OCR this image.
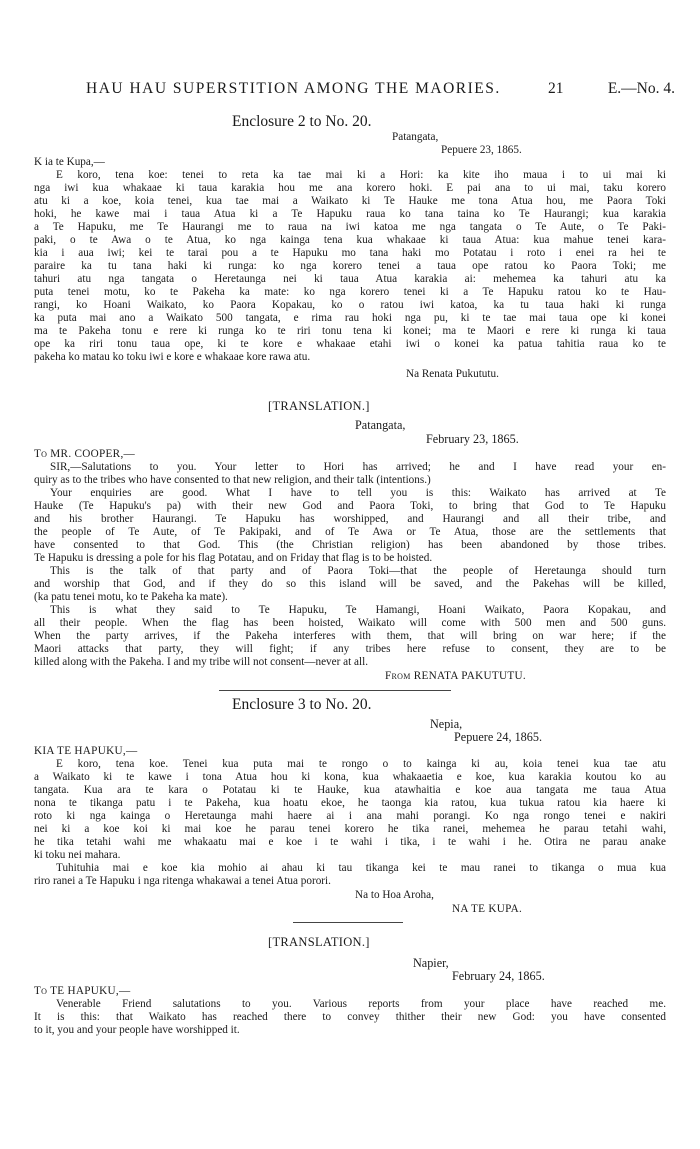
HAU HAU SUPERSTITION AMONG THE MAORIES.	21	E.—No. 4.
Enclosure 2 to No. 20.
Patangata,
Pepuere 23, 1865.
K ia te Kupa,—
E koro, tena koe: tenei to reta ka tae mai ki a Hori: ka kite iho maua i to ui mai ki
nga iwi kua whakaae ki taua karakia hou me ana korero hoki. E pai ana to ui mai, taku korero
atu ki a koe, koia tenei, kua tae mai a Waikato ki Te Hauke me tona Atua hou, me Paora Toki
hoki, he kawe mai i taua Atua ki a Te Hapuku raua ko tana taina ko Te Haurangi; kua karakia
a Te Hapuku, me Te Haurangi me to raua na iwi katoa me nga tangata o Te Aute, o Te Paki-
paki, o te Awa o te Atua, ko nga kainga tena kua whakaae ki taua Atua: kua mahue tenei kara-
kia i aua iwi; kei te tarai pou a te Hapuku mo tana haki mo Potatau i roto i enei ra hei te
paraire ka tu tana haki ki runga: ko nga korero tenei a taua ope ratou ko Paora Toki; me
tahuri atu nga tangata o Heretaunga nei ki taua Atua karakia ai: mehemea ka tahuri atu ka
puta tenei motu, ko te Pakeha ka mate: ko nga korero tenei ki a Te Hapuku ratou ko te Hau-
rangi, ko Hoani Waikato, ko Paora Kopakau, ko o ratou iwi katoa, ka tu taua haki ki runga
ka puta mai ano a Waikato 500 tangata, e rima rau hoki nga pu, ki te tae mai taua ope ki konei
ma te Pakeha tonu e rere ki runga ko te riri tonu tena ki konei; ma te Maori e rere ki runga ki taua
ope ka riri tonu taua ope, ki te kore e whakaae etahi iwi o konei ka patua tahitia raua ko te
pakeha ko matau ko toku iwi e kore e whakaae kore rawa atu.
Na Renata Pukututu.
[TRANSLATION.]
Patangata,
February 23, 1865.
To MR. COOPER,—
SIR,—Salutations to you. Your letter to Hori has arrived; he and I have read your en-
quiry as to the tribes who have consented to that new religion, and their talk (intentions.)
Your enquiries are good. What I have to tell you is this: Waikato has arrived at Te
Hauke (Te Hapuku's pa) with their new God and Paora Toki, to bring that God to Te Hapuku
and his brother Haurangi. Te Hapuku has worshipped, and Haurangi and all their tribe, and
the people of Te Aute, of Te Pakipaki, and of Te Awa or Te Atua, those are the settlements that
have consented to that God. This (the Christian religion) has been abandoned by those tribes.
Te Hapuku is dressing a pole for his flag Potatau, and on Friday that flag is to be hoisted.
This is the talk of that party and of Paora Toki—that the people of Heretaunga should turn
and worship that God, and if they do so this island will be saved, and the Pakehas will be killed,
(ka patu tenei motu, ko te Pakeha ka mate).
This is what they said to Te Hapuku, Te Hamangi, Hoani Waikato, Paora Kopakau, and
all their people. When the flag has been hoisted, Waikato will come with 500 men and 500 guns.
When the party arrives, if the Pakeha interferes with them, that will bring on war here; if the
Maori attacks that party, they will fight; if any tribes here refuse to consent, they are to be
killed along with the Pakeha. I and my tribe will not consent—never at all.
From RENATA PAKUTUTU.
Enclosure 3 to No. 20.
Nepia,
Pepuere 24, 1865.
KIA TE HAPUKU,—
E koro, tena koe. Tenei kua puta mai te rongo o to kainga ki au, koia tenei kua tae atu
a Waikato ki te kawe i tona Atua hou ki kona, kua whakaaetia e koe, kua karakia koutou ko au
tangata. Kua ara te kara o Potatau ki te Hauke, kua atawhaitia e koe aua tangata me taua Atua
nona te tikanga patu i te Pakeha, kua hoatu ekoe, he taonga kia ratou, kua tukua ratou kia haere ki
roto ki nga kainga o Heretaunga mahi haere ai i ana mahi porangi. Ko nga rongo tenei e nakiri
nei ki a koe koi ki mai koe he parau tenei korero he tika ranei, mehemea he parau tetahi wahi,
he tika tetahi wahi me whakaatu mai e koe i te wahi i tika, i te wahi i he. Otira ne parau anake
ki toku nei mahara.
Tuhituhia mai e koe kia mohio ai ahau ki tau tikanga kei te mau ranei to tikanga o mua kua
riro ranei a Te Hapuku i nga ritenga whakawai a tenei Atua porori.
Na to Hoa Aroha,
NA TE KUPA.
[TRANSLATION.]
Napier,
February 24, 1865.
To TE HAPUKU,—
Venerable Friend salutations to you. Various reports from your place have reached me.
It is this: that Waikato has reached there to convey thither their new God: you have consented
to it, you and your people have worshipped it.
